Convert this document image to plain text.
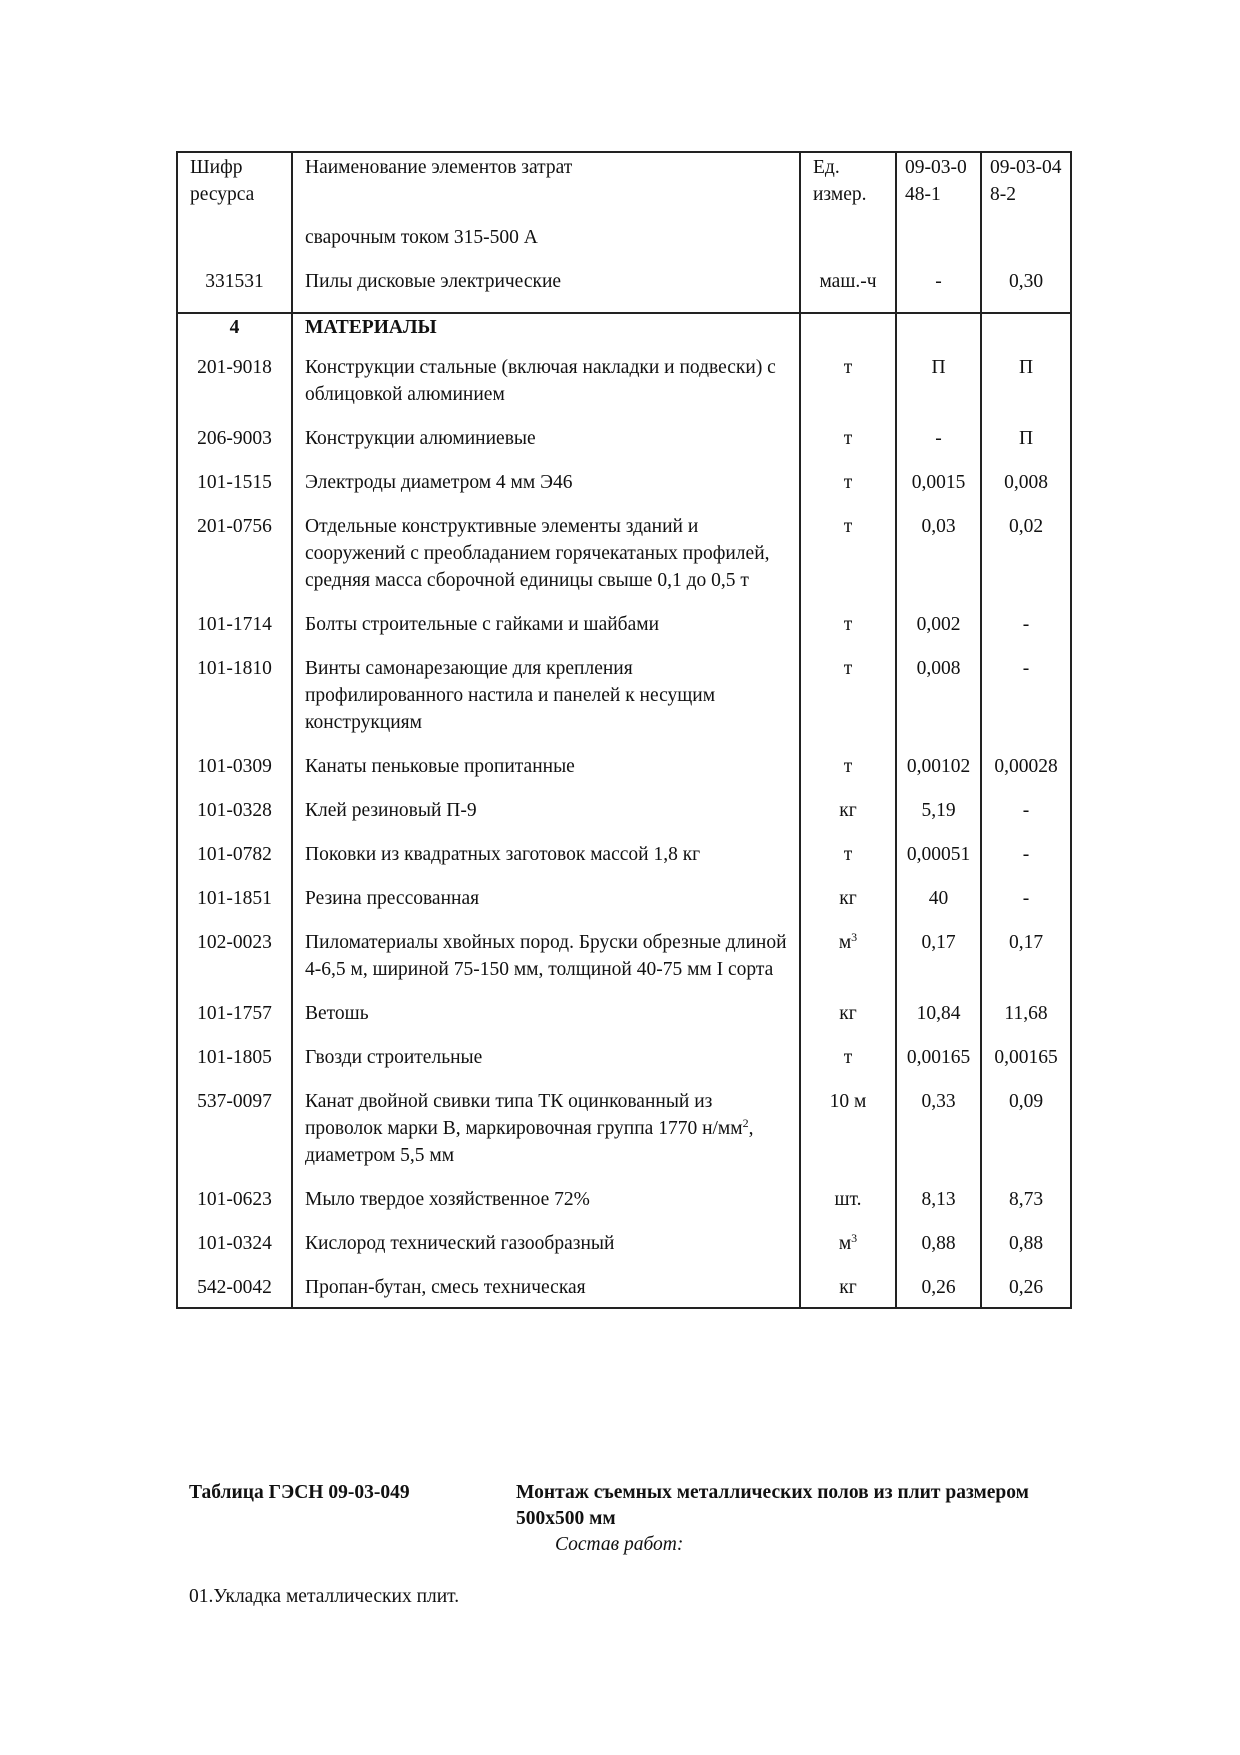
Шифр ресурса	Наименование элементов затрат	Ед. измер.	09-03-048-1	09-03-048-2
	сварочным током 315-500 А			
331531	Пилы дисковые электрические	маш.-ч	-	0,30
4	МАТЕРИАЛЫ			
201-9018	Конструкции стальные (включая накладки и подвески) с облицовкой алюминием	т	П	П
206-9003	Конструкции алюминиевые	т	-	П
101-1515	Электроды диаметром 4 мм Э46	т	0,0015	0,008
201-0756	Отдельные конструктивные элементы зданий и сооружений с преобладанием горячекатаных профилей, средняя масса сборочной единицы свыше 0,1 до 0,5 т	т	0,03	0,02
101-1714	Болты строительные с гайками и шайбами	т	0,002	-
101-1810	Винты самонарезающие для крепления профилированного настила и панелей к несущим конструкциям	т	0,008	-
101-0309	Канаты пеньковые пропитанные	т	0,00102	0,00028
101-0328	Клей резиновый П-9	кг	5,19	-
101-0782	Поковки из квадратных заготовок массой 1,8 кг	т	0,00051	-
101-1851	Резина прессованная	кг	40	-
102-0023	Пиломатериалы хвойных пород. Бруски обрезные длиной 4-6,5 м, шириной 75-150 мм, толщиной 40-75 мм I сорта	$м^3$	0,17	0,17
101-1757	Ветошь	кг	10,84	11,68
101-1805	Гвозди строительные	т	0,00165	0,00165
537-0097	Канат двойной свивки типа ТК оцинкованный из проволок марки В, маркировочная группа 1770 $н/мм^2$, диаметром 5,5 мм	10 м	0,33	0,09
101-0623	Мыло твердое хозяйственное 72%	шт.	8,13	8,73
101-0324	Кислород технический газообразный	$м^3$	0,88	0,88
542-0042	Пропан-бутан, смесь техническая	кг	0,26	0,26
Таблица ГЭСН 09-03-049	Монтаж съемных металлических полов из плит размером 500х500 мм
Состав работ:
01.Укладка металлических плит.
